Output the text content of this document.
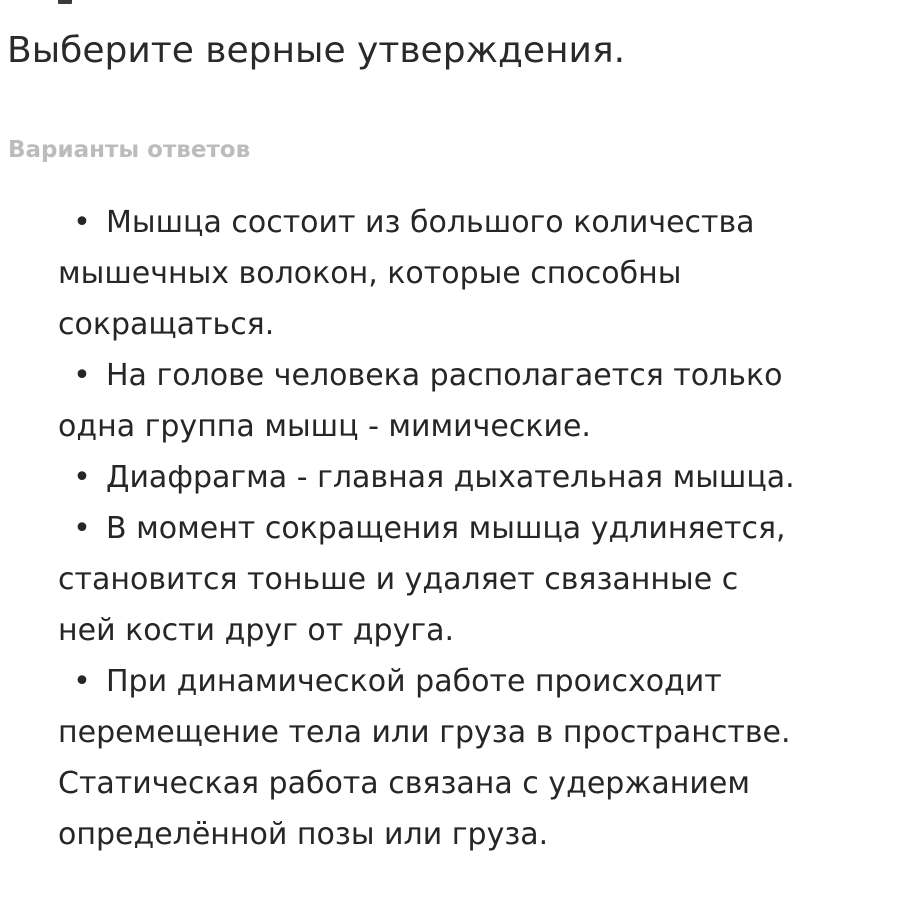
Выберите верные утверждения.
Варианты ответов
• Мышца состоит из большого количества
мышечных волокон, которые способны
сокращаться.
• На голове человека располагается только
одна группа мышц - мимические.
• Диафрагма - главная дыхательная мышца.
• В момент сокращения мышца удлиняется,
становится тоньше и удаляет связанные с
ней кости друг от друга.
• При динамической работе происходит
перемещение тела или груза в пространстве.
Статическая работа связана с удержанием
определённой позы или груза.
